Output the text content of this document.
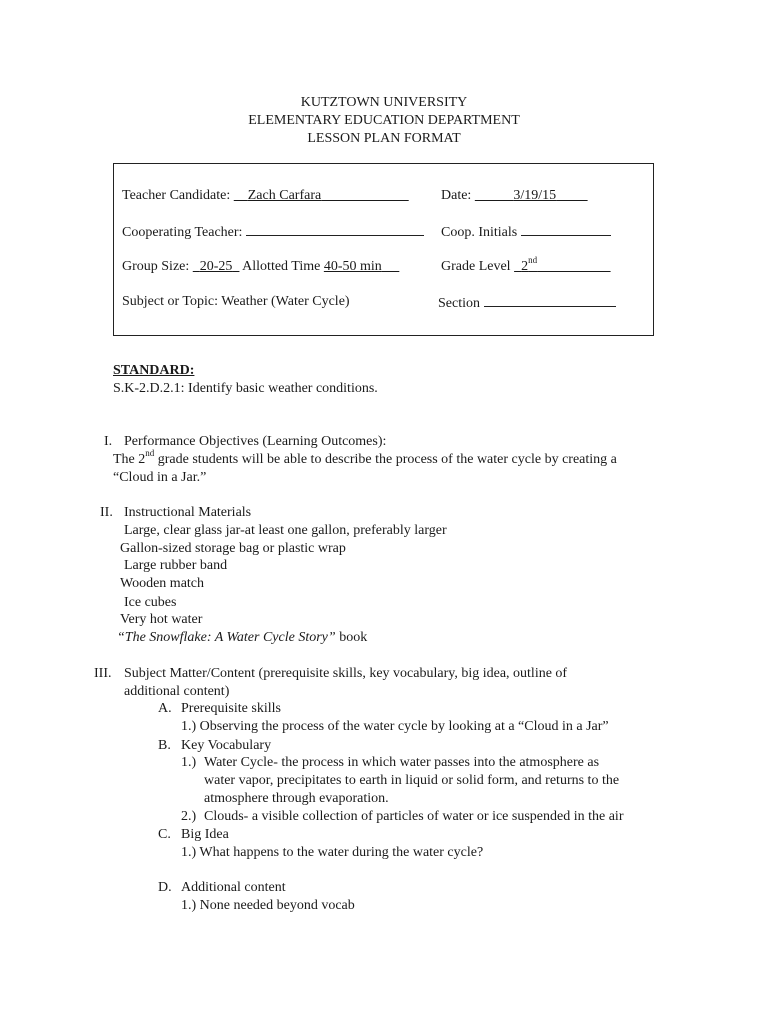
KUTZTOWN UNIVERSITY
ELEMENTARY EDUCATION DEPARTMENT
LESSON PLAN FORMAT
Teacher Candidate: Zach Carfara	Date:	3/19/15
Cooperating Teacher:	Coop. Initials
Group Size: 20-25 Allotted Time 40-50 min	Grade Level 2nd
Subject or Topic: Weather (Water Cycle)	Section
STANDARD:
S.K-2.D.2.1: Identify basic weather conditions.
I. Performance Objectives (Learning Outcomes):
The 2nd grade students will be able to describe the process of the water cycle by creating a
“Cloud in a Jar.”
II. Instructional Materials
Large, clear glass jar-at least one gallon, preferably larger
Gallon-sized storage bag or plastic wrap
Large rubber band
Wooden match
Ice cubes
Very hot water
“The Snowflake: A Water Cycle Story” book
III. Subject Matter/Content (prerequisite skills, key vocabulary, big idea, outline of
additional content)
A. Prerequisite skills
1.) Observing the process of the water cycle by looking at a “Cloud in a Jar”
B. Key Vocabulary
1.) Water Cycle- the process in which water passes into the atmosphere as
water vapor, precipitates to earth in liquid or solid form, and returns to the
atmosphere through evaporation.
2.) Clouds- a visible collection of particles of water or ice suspended in the air
C. Big Idea
1.) What happens to the water during the water cycle?
D. Additional content
1.) None needed beyond vocab
